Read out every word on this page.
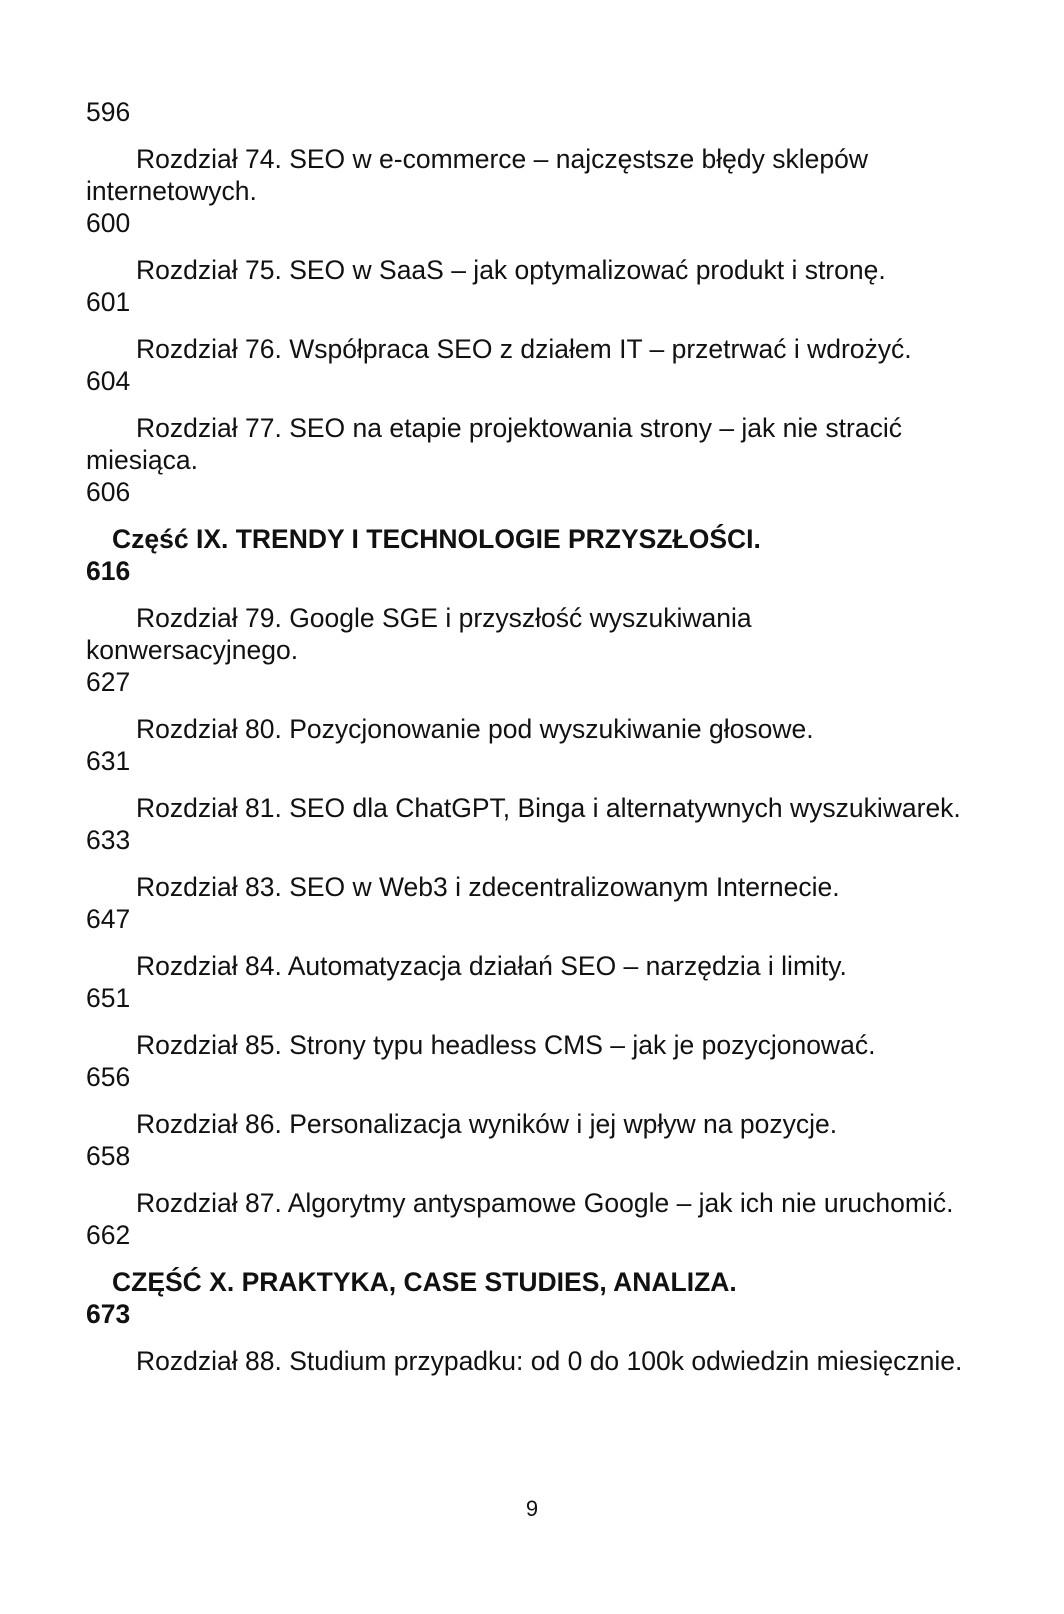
596
Rozdział 74. SEO w e-commerce – najczęstsze błędy sklepów internetowych.
600
Rozdział 75. SEO w SaaS – jak optymalizować produkt i stronę.
601
Rozdział 76. Współpraca SEO z działem IT – przetrwać i wdrożyć.
604
Rozdział 77. SEO na etapie projektowania strony – jak nie stracić miesiąca.
606
Część IX. TRENDY I TECHNOLOGIE PRZYSZŁOŚCI.
616
Rozdział 79. Google SGE i przyszłość wyszukiwania konwersacyjnego.
627
Rozdział 80. Pozycjonowanie pod wyszukiwanie głosowe.
631
Rozdział 81. SEO dla ChatGPT, Binga i alternatywnych wyszukiwarek.
633
Rozdział 83. SEO w Web3 i zdecentralizowanym Internecie.
647
Rozdział 84. Automatyzacja działań SEO – narzędzia i limity.
651
Rozdział 85. Strony typu headless CMS – jak je pozycjonować.
656
Rozdział 86. Personalizacja wyników i jej wpływ na pozycje.
658
Rozdział 87. Algorytmy antyspamowe Google – jak ich nie uruchomić.
662
CZĘŚĆ X. PRAKTYKA, CASE STUDIES, ANALIZA.
673
Rozdział 88. Studium przypadku: od 0 do 100k odwiedzin miesięcznie.
9
